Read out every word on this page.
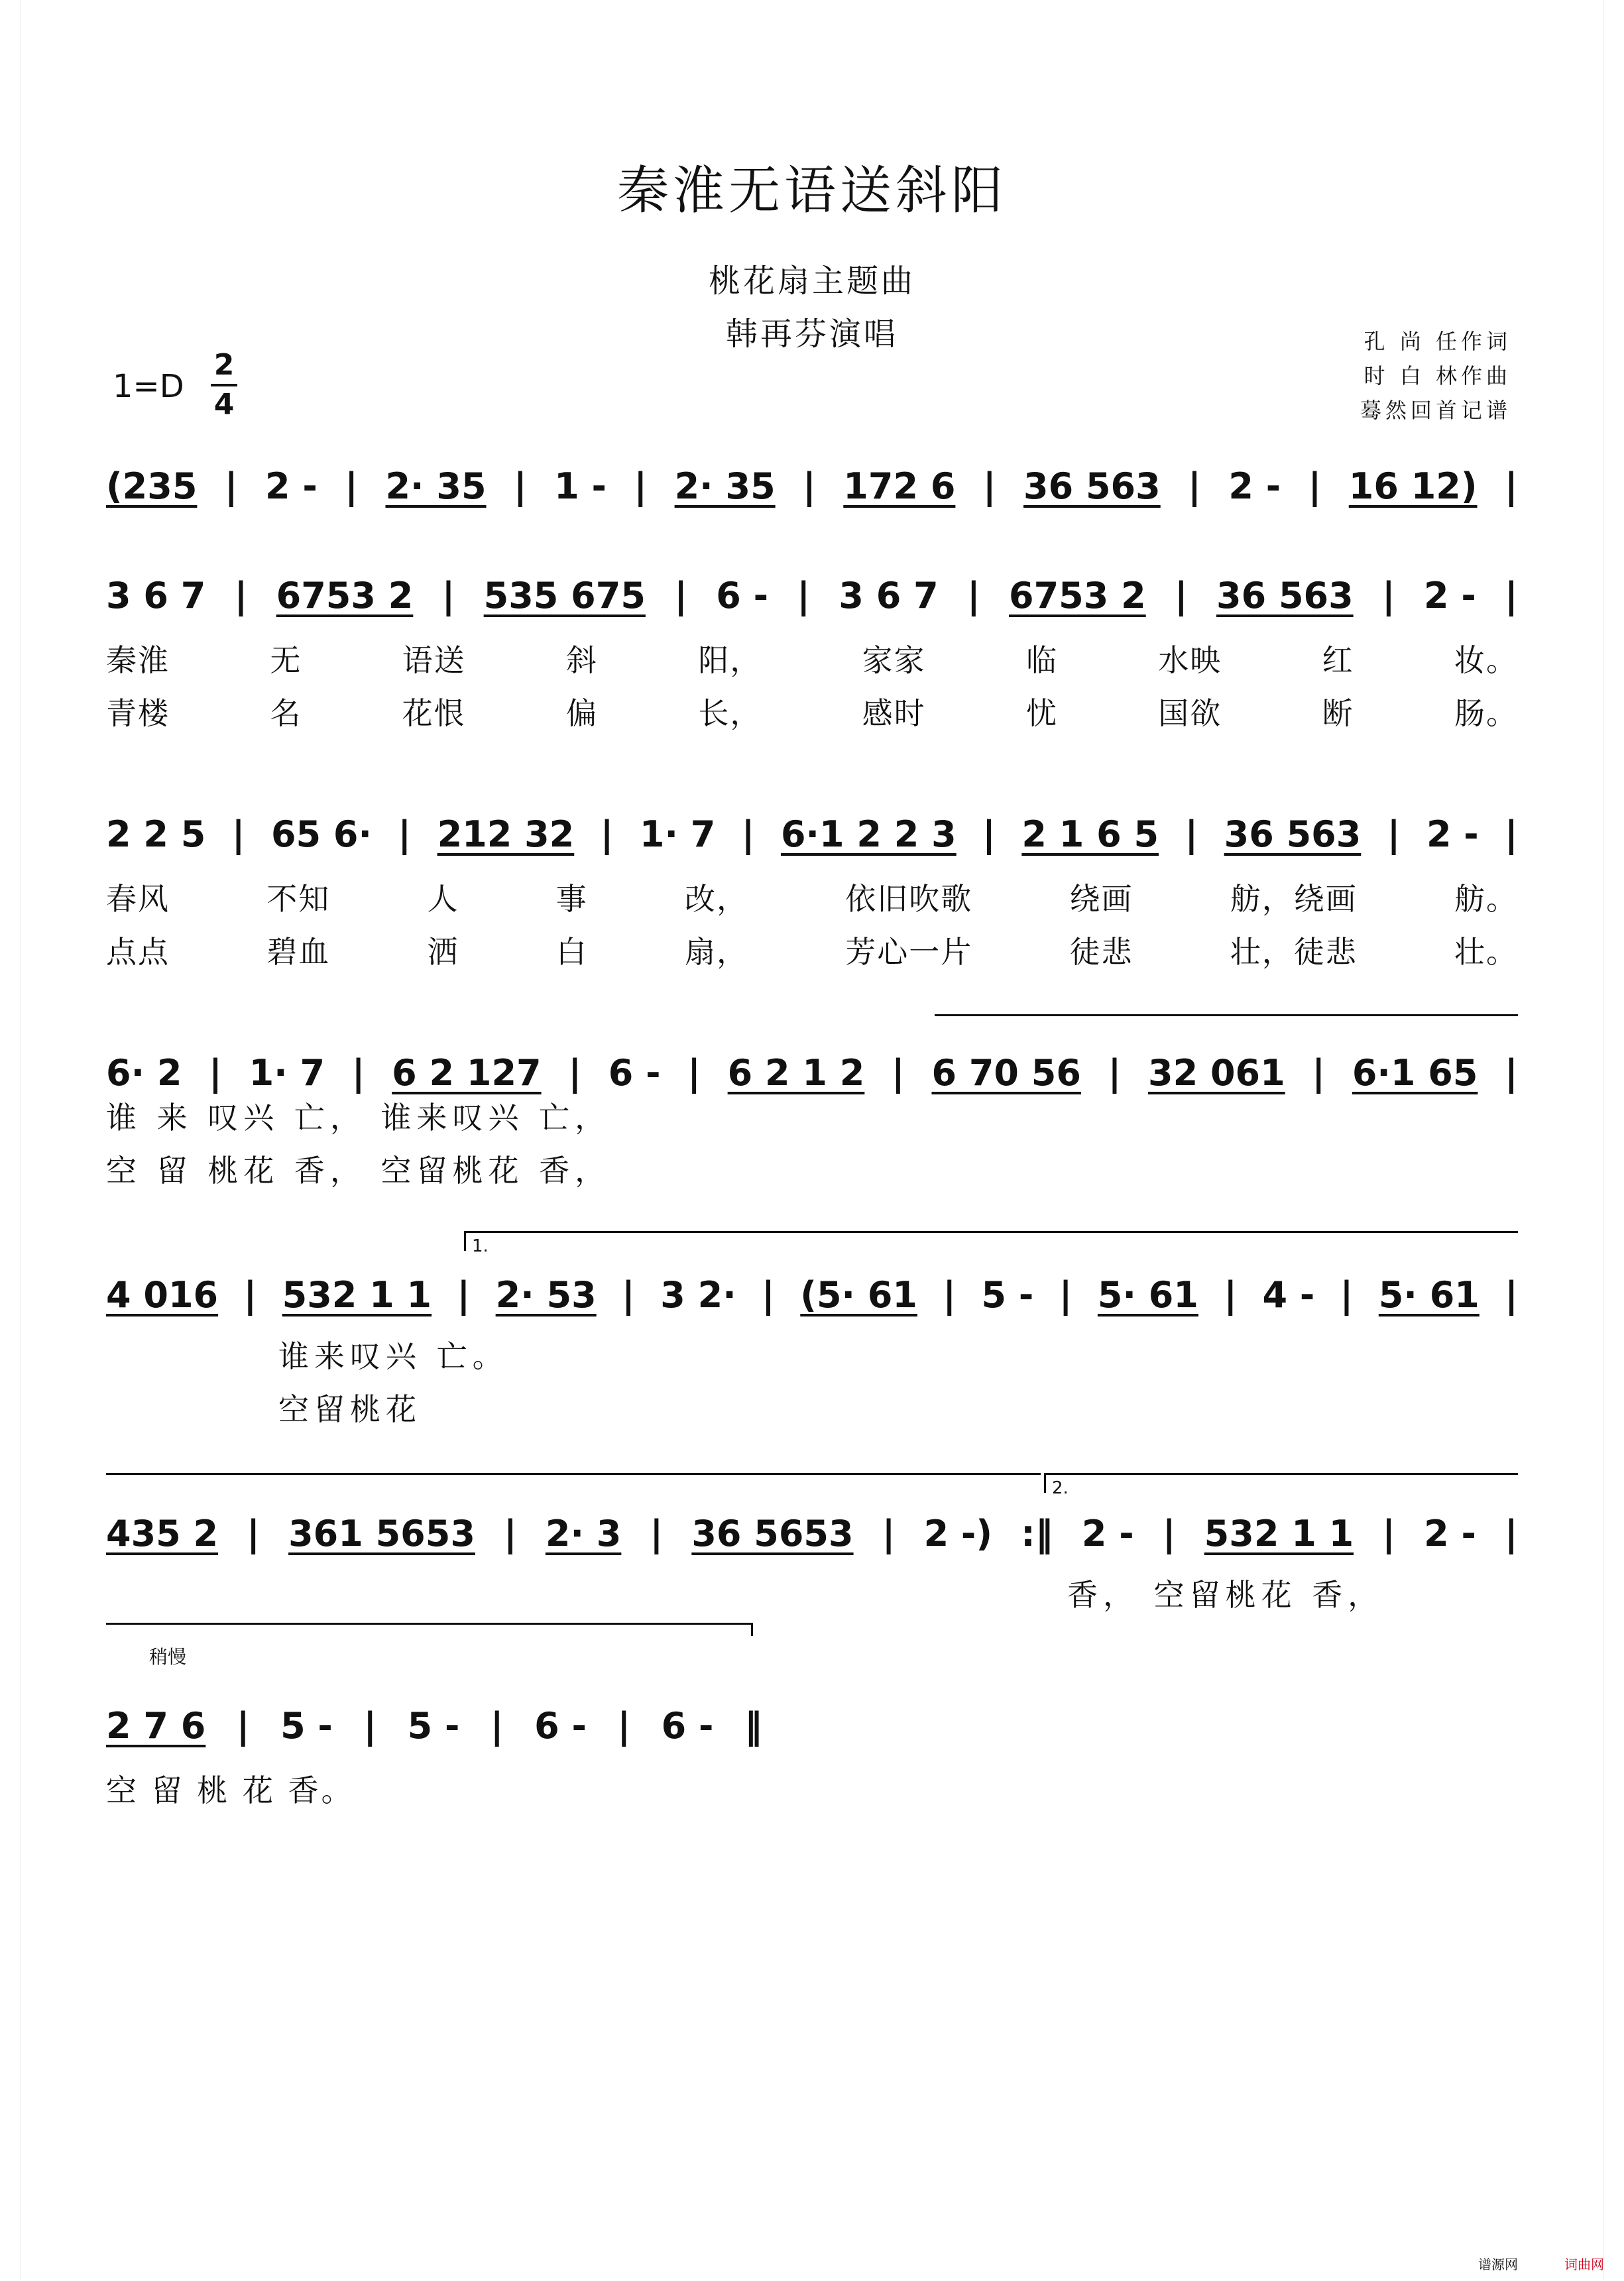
秦淮无语送斜阳
桃花扇主题曲
韩再芬演唱	孔 尚 任作词
时 白 林作曲
蓦然回首记谱
1=D
2
4
(235 | 2 - | 2· 35 | 1 - | 2· 35 | 172 6 | 36 563 | 2 - | 16 12) |
3 6 7 | 6753 2 | 535 675 | 6 - | 3 6 7 | 6753 2 | 36 563 | 2 - |
秦淮	无	语送	斜	阳，	家家	临	水映	红	妆。
青楼	名	花恨	偏	长，	感时	忧	国欲	断	肠。
2 2 5 | 65 6· | 212 32 | 1· 7 | 6·1 2 2 3 | 2 1 6 5 | 36 563 | 2 - |
春风	不知	人	事	改，	依旧吹歌	绕画	舫，绕画	舫。
点点	碧血	洒	白	扇，	芳心一片	徒悲	壮，徒悲	壮。
6· 2 | 1· 7 | 6 2 127 | 6 - | 6 2 1 2 | 6 70 56 | 32 061 | 6·1 65 |
谁 来 叹兴 亡， 谁来叹兴 亡，
空 留 桃花 香， 空留桃花 香，
1.
4 016 | 532 1 1 | 2· 53 | 3 2· | (5· 61 | 5 - | 5· 61 | 4 - | 5· 61 |
谁来叹兴 亡。
空留桃花
2.
435 2 | 361 5653 | 2· 3 | 36 5653 | 2 -) :‖ 2 - | 532 1 1 | 2 - |
香， 空留桃花 香，
稍慢
2 7 6 | 5 - | 5 - | 6 - | 6 - ‖
空 留 桃 花 香。
谱源网	词曲网
